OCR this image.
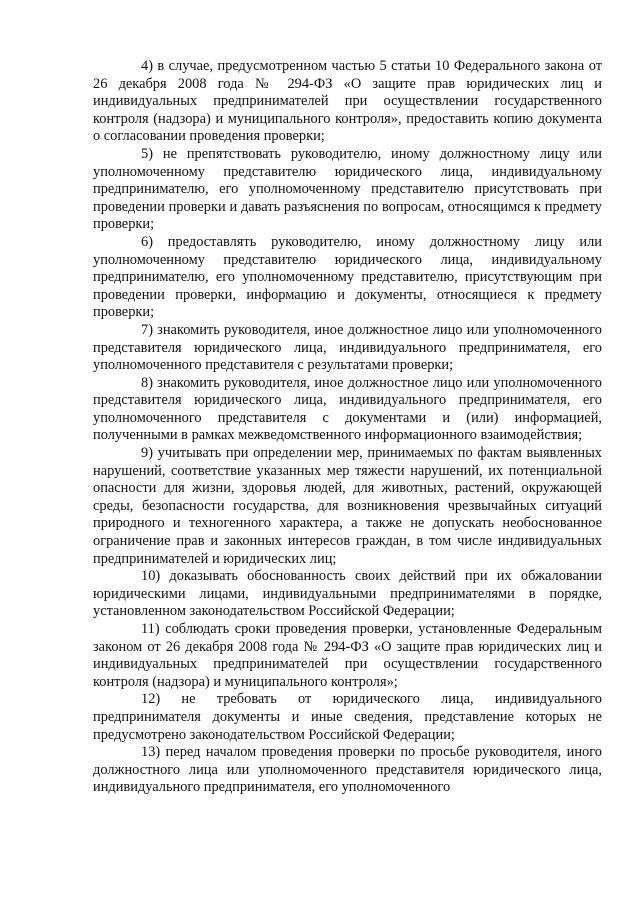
4) в случае, предусмотренном частью 5 статьи 10 Федерального закона от 26 декабря 2008 года № 294-ФЗ «О защите прав юридических лиц и индивидуальных предпринимателей при осуществлении государственного контроля (надзора) и муниципального контроля», предоставить копию документа о согласовании проведения проверки;

5) не препятствовать руководителю, иному должностному лицу или уполномоченному представителю юридического лица, индивидуальному предпринимателю, его уполномоченному представителю присутствовать при проведении проверки и давать разъяснения по вопросам, относящимся к предмету проверки;

6) предоставлять руководителю, иному должностному лицу или уполномоченному представителю юридического лица, индивидуальному предпринимателю, его уполномоченному представителю, присутствующим при проведении проверки, информацию и документы, относящиеся к предмету проверки;

7) знакомить руководителя, иное должностное лицо или уполномоченного представителя юридического лица, индивидуального предпринимателя, его уполномоченного представителя с результатами проверки;

8) знакомить руководителя, иное должностное лицо или уполномоченного представителя юридического лица, индивидуального предпринимателя, его уполномоченного представителя с документами и (или) информацией, полученными в рамках межведомственного информационного взаимодействия;

9) учитывать при определении мер, принимаемых по фактам выявленных нарушений, соответствие указанных мер тяжести нарушений, их потенциальной опасности для жизни, здоровья людей, для животных, растений, окружающей среды, безопасности государства, для возникновения чрезвычайных ситуаций природного и техногенного характера, а также не допускать необоснованное ограничение прав и законных интересов граждан, в том числе индивидуальных предпринимателей и юридических лиц;

10) доказывать обоснованность своих действий при их обжаловании юридическими лицами, индивидуальными предпринимателями в порядке, установленном законодательством Российской Федерации;

11) соблюдать сроки проведения проверки, установленные Федеральным законом от 26 декабря 2008 года № 294-ФЗ «О защите прав юридических лиц и индивидуальных предпринимателей при осуществлении государственного контроля (надзора) и муниципального контроля»;

12) не требовать от юридического лица, индивидуального предпринимателя документы и иные сведения, представление которых не предусмотрено законодательством Российской Федерации;

13) перед началом проведения проверки по просьбе руководителя, иного должностного лица или уполномоченного представителя юридического лица, индивидуального предпринимателя, его уполномоченного
